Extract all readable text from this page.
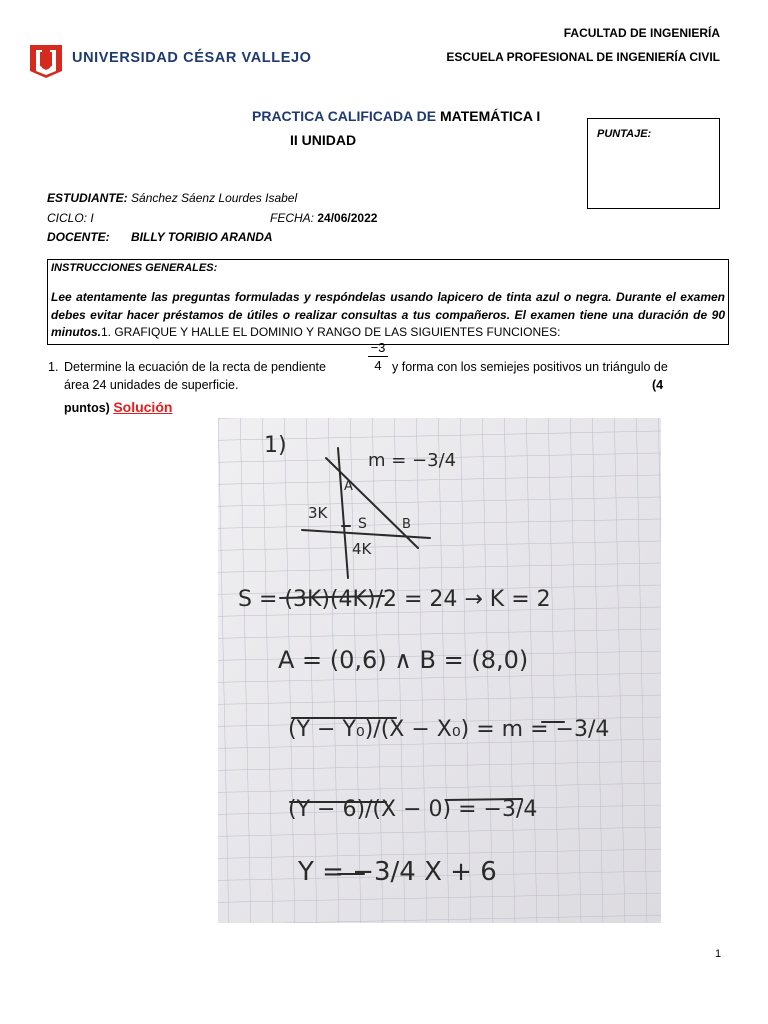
UNIVERSIDAD CÉSAR VALLEJO
FACULTAD DE INGENIERÍA
ESCUELA PROFESIONAL DE INGENIERÍA CIVIL
PRACTICA CALIFICADA DE MATEMÁTICA I
II UNIDAD	PUNTAJE:
ESTUDIANTE: Sánchez Sáenz Lourdes Isabel
CICLO: I	FECHA: 24/06/2022
DOCENTE: BILLY TORIBIO ARANDA
INSTRUCCIONES GENERALES:
Lee atentamente las preguntas formuladas y respóndelas usando lapicero de tinta azul o negra. Durante el examen debes evitar hacer préstamos de útiles o realizar consultas a tus compañeros. El examen tiene una duración de 90 minutos.1. GRAFIQUE Y HALLE EL DOMINIO Y RANGO DE LAS SIGUIENTES FUNCIONES:
1. Determine la ecuación de la recta de pendiente	$\frac{-3}{4}$ y forma con los semiejes positivos un triángulo de
área 24 unidades de superficie.	(4
puntos) Solución
1)
m = −3/4
A
B
3K
4K
S
S = (3K)(4K)/2 = 24 → K = 2
A = (0,6) ∧ B = (8,0)
(Y − Y₀)/(X − X₀) = m = −3/4
(Y − 6)/(X − 0) = −3/4
Y = −3/4 X + 6
1
